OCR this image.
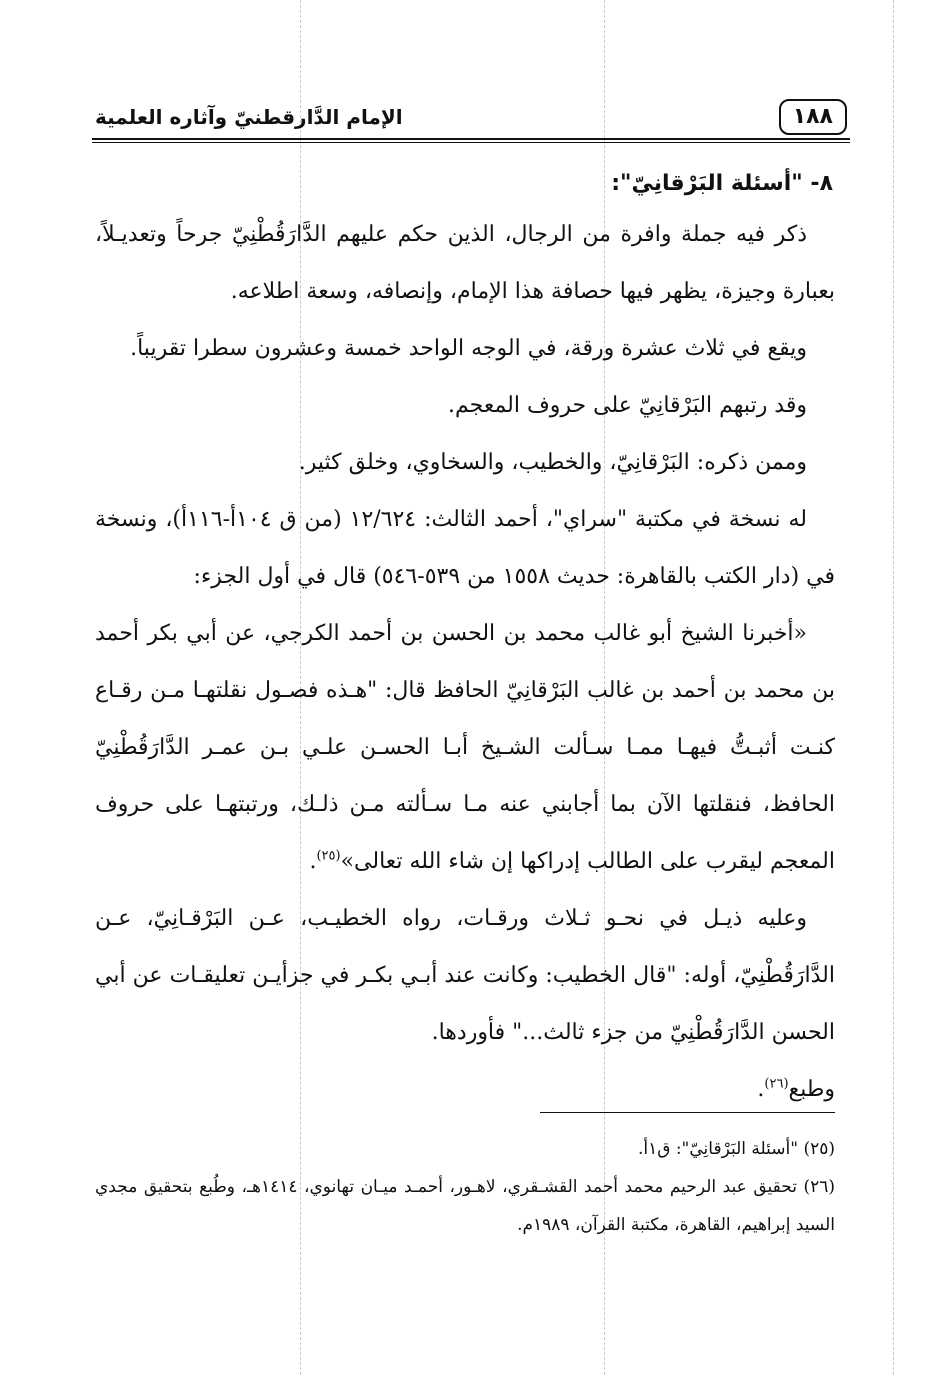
١٨٨
الإمام الدَّارقطنيّ وآثاره العلمية

٨- "أسئلة البَرْقانِيّ":

ذكر فيه جملة وافرة من الرجال، الذين حكم عليهم الدَّارَقُطْنِيّ جرحاً وتعديـلاً، بعبارة وجيزة، يظهر فيها حصافة هذا الإمام، وإنصافه، وسعة اطلاعه.

ويقع في ثلاث عشرة ورقة، في الوجه الواحد خمسة وعشرون سطرا تقريباً.

وقد رتبهم البَرْقانِيّ على حروف المعجم.

وممن ذكره: البَرْقانِيّ، والخطيب، والسخاوي، وخلق كثير.

له نسخة في مكتبة "سراي"، أحمد الثالث: ١٢/٦٢٤ (من ق ١٠٤أ-١١٦أ)، ونسخة في (دار الكتب بالقاهرة: حديث ١٥٥٨ من ٥٣٩-٥٤٦) قال في أول الجزء:

«أخبرنا الشيخ أبو غالب محمد بن الحسن بن أحمد الكرجي، عن أبي بكر أحمد بن محمد بن أحمد بن غالب البَرْقانِيّ الحافظ قال: "هـذه فصـول نقلتهـا مـن رقـاع كنـت أثبـتُّ فيهـا ممـا سـألت الشـيخ أبـا الحسـن علـي بـن عمـر الدَّارَقُطْنِيّ الحافظ، فنقلتها الآن بما أجابني عنه مـا سـألته مـن ذلـك، ورتبتهـا على حروف المعجم ليقرب على الطالب إدراكها إن شاء الله تعالى»$^{(٢٥)}$.

وعليه ذيـل في نحـو ثـلاث ورقـات، رواه الخطيـب، عـن البَرْقـانِيّ، عـن الدَّارَقُطْنِيّ، أوله: "قال الخطيب: وكانت عند أبـي بكـر في جزأيـن تعليقـات عن أبي الحسن الدَّارَقُطْنِيّ من جزء ثالث..." فأوردها.

وطبع$^{(٢٦)}$.

(٢٥) "أسئلة البَرْقانِيّ": ق١أ.

(٢٦) تحقيق عبد الرحيم محمد أحمد القشـقري، لاهـور، أحمـد ميـان تهانوي، ١٤١٤هـ، وطُبع بتحقيق مجدي السيد إبراهيم، القاهرة، مكتبة القرآن، ١٩٨٩م.
